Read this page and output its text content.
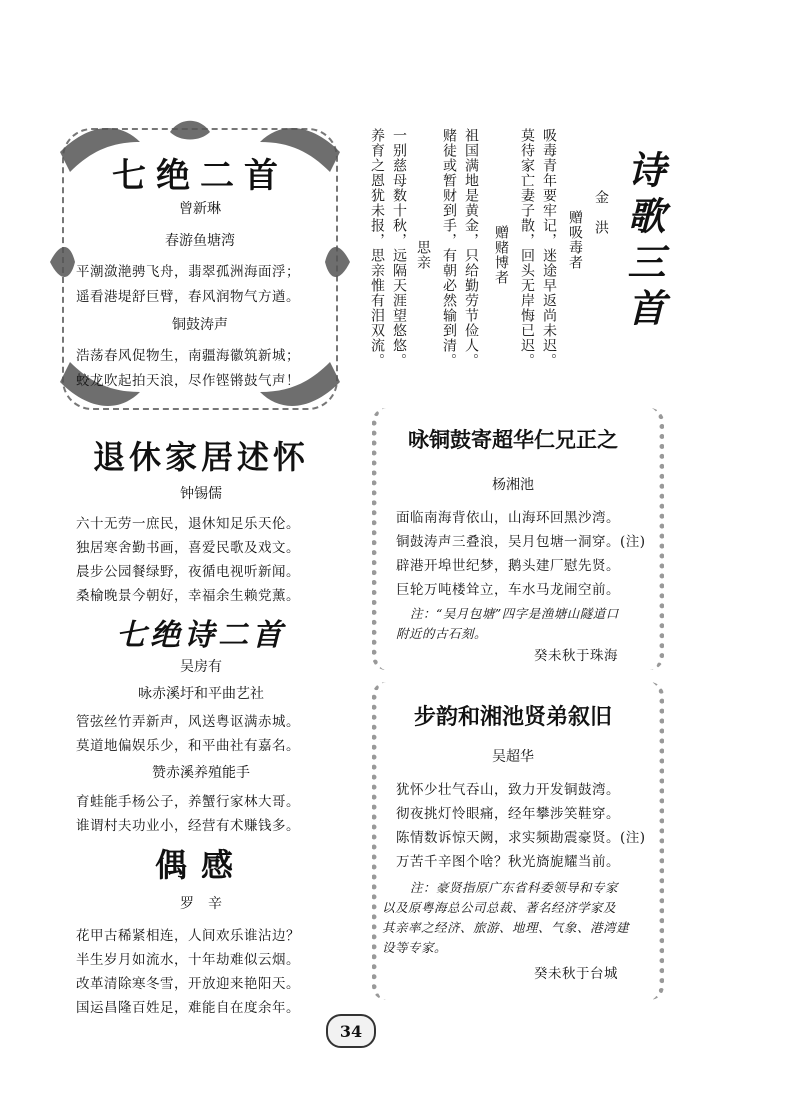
七绝二首
曾新琳
春游鱼塘湾
平潮潋滟骋飞舟，翡翠孤洲海面浮；
遥看港堤舒巨臂，春风润物气方遒。
铜鼓涛声
浩荡春风促物生，南疆海徽筑新城；
蛟龙吹起拍天浪，尽作铿锵鼓气声！
退休家居述怀
钟锡儒
六十无劳一庶民，退休知足乐天伦。
独居寒舍勤书画，喜爱民歌及戏文。
晨步公园餐绿野，夜循电视听新闻。
桑榆晚景今朝好，幸福余生赖党薰。
七绝诗二首
吴房有
咏赤溪圩和平曲艺社
管弦丝竹弄新声，风送粤讴满赤城。
莫道地偏娱乐少，和平曲社有嘉名。
赞赤溪养殖能手
育蛙能手杨公子，养蟹行家林大哥。
谁谓村夫功业小，经营有术赚钱多。
偶感
罗　辛
花甲古稀紧相连，人间欢乐谁沾边？
半生岁月如流水，十年劫难似云烟。
改革清除寒冬雪，开放迎来艳阳天。
国运昌隆百姓足，难能自在度余年。
诗歌三首
金　洪
赠吸毒者
吸毒青年要牢记，迷途早返尚未迟。
莫待家亡妻子散，回头无岸悔已迟。
赠赌博者
祖国满地是黄金，只给勤劳节俭人。
赌徒或暂财到手，有朝必然输到清。
思亲
一别慈母数十秋，远隔天涯望悠悠。
养育之恩犹未报，思亲惟有泪双流。
咏铜鼓寄超华仁兄正之
杨湘池
面临南海背依山，山海环回黑沙湾。
铜鼓涛声三叠浪，吴月包塘一洞穿。(注)
辟港开埠世纪梦，鹅头建厂慰先贤。
巨轮万吨楼耸立，车水马龙闹空前。
注：“吴月包塘”四字是渔塘山隧道口
附近的古石刻。
癸未秋于珠海
步韵和湘池贤弟叙旧
吴超华
犹怀少壮气吞山，致力开发铜鼓湾。
彻夜挑灯怜眼痛，经年攀涉笑鞋穿。
陈情数诉惊天阙，求实频勘震豪贤。(注)
万苦千辛图个啥？秋光旖旎耀当前。
注：豪贤指原广东省科委领导和专家
以及原粤海总公司总裁、著名经济学家及
其亲率之经济、旅游、地理、气象、港湾建
设等专家。
癸未秋于台城
34
